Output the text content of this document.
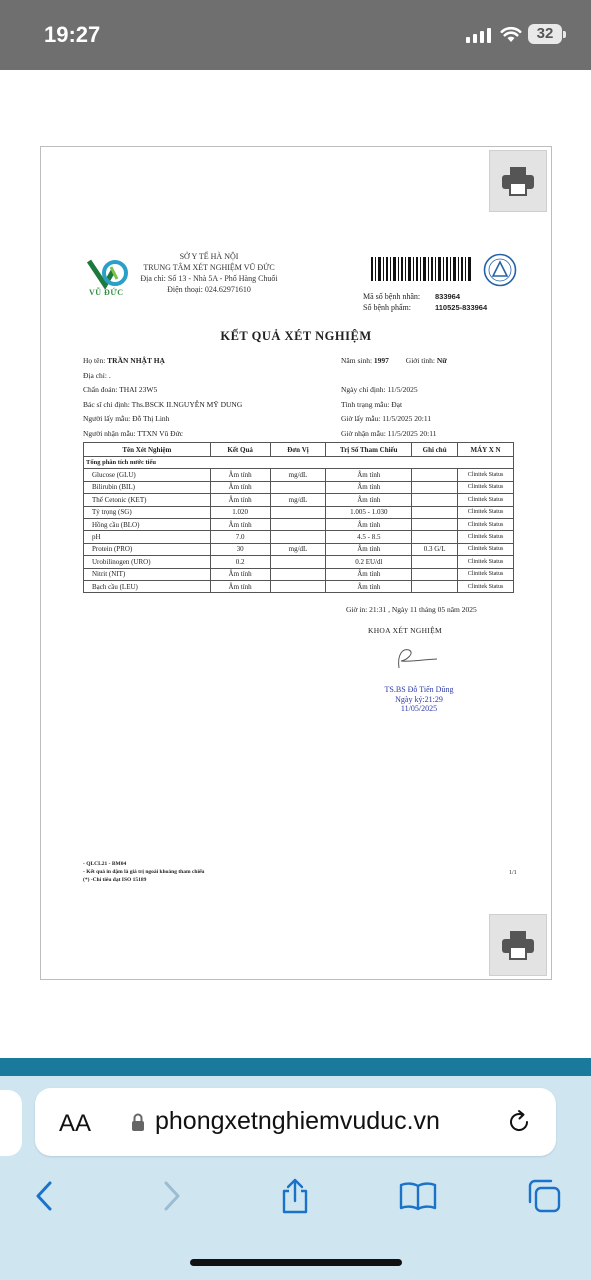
19:27	32
VŨ ĐỨC
SỞ Y TẾ HÀ NỘI
TRUNG TÂM XÉT NGHIỆM VŨ ĐỨC
Địa chỉ: Số 13 - Nhà 5A - Phố Hàng Chuối
Điện thoại: 024.62971610
Mã số bệnh nhân: 833964
Số bệnh phẩm:	110525-833964
KẾT QUẢ XÉT NGHIỆM
Họ tên: TRẦN NHẬT HẠ
Địa chỉ: .
Chẩn đoán: THAI 23W5
Bác sĩ chỉ định: Ths.BSCK II.NGUYỄN MỸ DUNG
Người lấy mẫu: Đỗ Thị Linh
Người nhận mẫu: TTXN Vũ Đức
Năm sinh: 1997 Giới tính: Nữ

Ngày chỉ định: 11/5/2025
Tình trạng mẫu: Đạt
Giờ lấy mẫu: 11/5/2025 20:11
Giờ nhận mẫu: 11/5/2025 20:11
Tên Xét Nghiệm	Kết Quả	Đơn Vị	Trị Số Tham Chiếu	Ghi chú	MÁY X N
Tổng phân tích nước tiểu					
Glucose (GLU)	Âm tính	mg/dL	Âm tính		Clinitek Status
Bilirubin (BIL)	Âm tính		Âm tính		Clinitek Status
Thể Cetonic (KET)	Âm tính	mg/dL	Âm tính		Clinitek Status
Tỷ trọng (SG)	1.020		1.005 - 1.030		Clinitek Status
Hồng cầu (BLO)	Âm tính		Âm tính		Clinitek Status
pH	7.0		4.5 - 8.5		Clinitek Status
Protein (PRO)	30	mg/dL	Âm tính	0.3 G/L	Clinitek Status
Urobilinogen (URO)	0.2		0.2 EU/dl		Clinitek Status
Nitrit (NIT)	Âm tính		Âm tính		Clinitek Status
Bạch cầu (LEU)	Âm tính		Âm tính		Clinitek Status
Giờ in: 21:31 , Ngày 11 tháng 05 năm 2025
KHOA XÉT NGHIỆM
TS.BS Đỗ Tiến Dũng
Ngày ký:21:29
11/05/2025
- QLCL21 - BM04
- Kết quả in đậm là giá trị ngoài khoảng tham chiếu
(*) -Chỉ tiêu đạt ISO 15189
1/1
AA	phongxetnghiemvuduc.vn
